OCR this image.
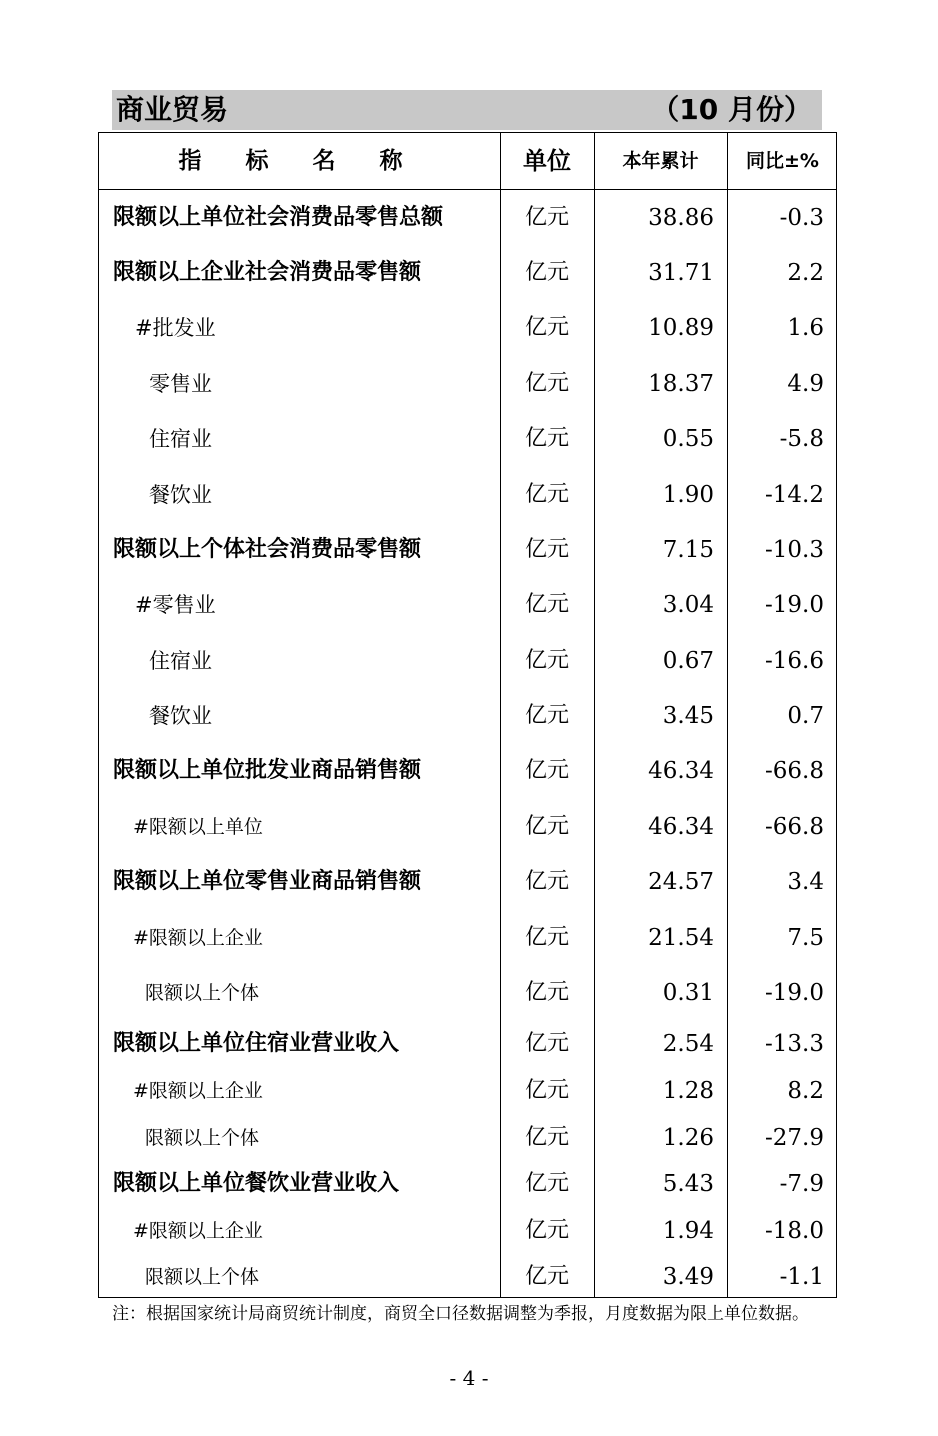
商业贸易	（10 月份）
指 标 名 称	单位	本年累计	同比±%
限额以上单位社会消费品零售总额	亿元	38.86	-0.3
限额以上企业社会消费品零售额	亿元	31.71	2.2
#批发业	亿元	10.89	1.6
零售业	亿元	18.37	4.9
住宿业	亿元	0.55	-5.8
餐饮业	亿元	1.90	-14.2
限额以上个体社会消费品零售额	亿元	7.15	-10.3
#零售业	亿元	3.04	-19.0
住宿业	亿元	0.67	-16.6
餐饮业	亿元	3.45	0.7
限额以上单位批发业商品销售额	亿元	46.34	-66.8
#限额以上单位	亿元	46.34	-66.8
限额以上单位零售业商品销售额	亿元	24.57	3.4
#限额以上企业	亿元	21.54	7.5
限额以上个体	亿元	0.31	-19.0
限额以上单位住宿业营业收入	亿元	2.54	-13.3
#限额以上企业	亿元	1.28	8.2
限额以上个体	亿元	1.26	-27.9
限额以上单位餐饮业营业收入	亿元	5.43	-7.9
#限额以上企业	亿元	1.94	-18.0
限额以上个体	亿元	3.49	-1.1
注：根据国家统计局商贸统计制度，商贸全口径数据调整为季报，月度数据为限上单位数据。
- 4 -
